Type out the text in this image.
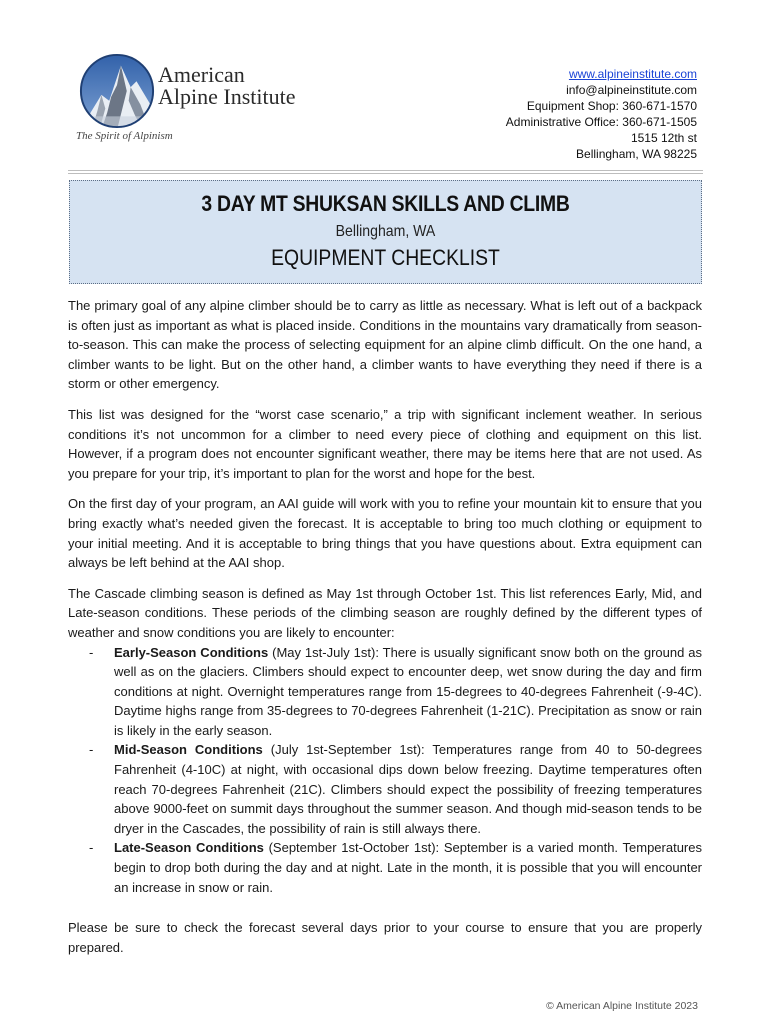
American
Alpine Institute
The Spirit of Alpinism
www.alpineinstitute.com
info@alpineinstitute.com
Equipment Shop: 360-671-1570
Administrative Office: 360-671-1505
1515 12th st
Bellingham, WA 98225
3 DAY MT SHUKSAN SKILLS AND CLIMB
Bellingham, WA
EQUIPMENT CHECKLIST

The primary goal of any alpine climber should be to carry as little as necessary. What is left out of a backpack is often just as important as what is placed inside. Conditions in the mountains vary dramatically from season-to-season. This can make the process of selecting equipment for an alpine climb difficult. On the one hand, a climber wants to be light. But on the other hand, a climber wants to have everything they need if there is a storm or other emergency.

This list was designed for the “worst case scenario,” a trip with significant inclement weather. In serious conditions it’s not uncommon for a climber to need every piece of clothing and equipment on this list. However, if a program does not encounter significant weather, there may be items here that are not used. As you prepare for your trip, it’s important to plan for the worst and hope for the best.

On the first day of your program, an AAI guide will work with you to refine your mountain kit to ensure that you bring exactly what’s needed given the forecast. It is acceptable to bring too much clothing or equipment to your initial meeting. And it is acceptable to bring things that you have questions about. Extra equipment can always be left behind at the AAI shop.

The Cascade climbing season is defined as May 1st through October 1st. This list references Early, Mid, and Late-season conditions. These periods of the climbing season are roughly defined by the different types of weather and snow conditions you are likely to encounter:

- Early-Season Conditions (May 1st-July 1st): There is usually significant snow both on the ground as well as on the glaciers. Climbers should expect to encounter deep, wet snow during the day and firm conditions at night. Overnight temperatures range from 15-degrees to 40-degrees Fahrenheit (-9-4C). Daytime highs range from 35-degrees to 70-degrees Fahrenheit (1-21C). Precipitation as snow or rain is likely in the early season.
- Mid-Season Conditions (July 1st-September 1st): Temperatures range from 40 to 50-degrees Fahrenheit (4-10C) at night, with occasional dips down below freezing. Daytime temperatures often reach 70-degrees Fahrenheit (21C). Climbers should expect the possibility of freezing temperatures above 9000-feet on summit days throughout the summer season. And though mid-season tends to be dryer in the Cascades, the possibility of rain is still always there.
- Late-Season Conditions (September 1st-October 1st): September is a varied month. Temperatures begin to drop both during the day and at night. Late in the month, it is possible that you will encounter an increase in snow or rain.

Please be sure to check the forecast several days prior to your course to ensure that you are properly prepared.

© American Alpine Institute 2023
